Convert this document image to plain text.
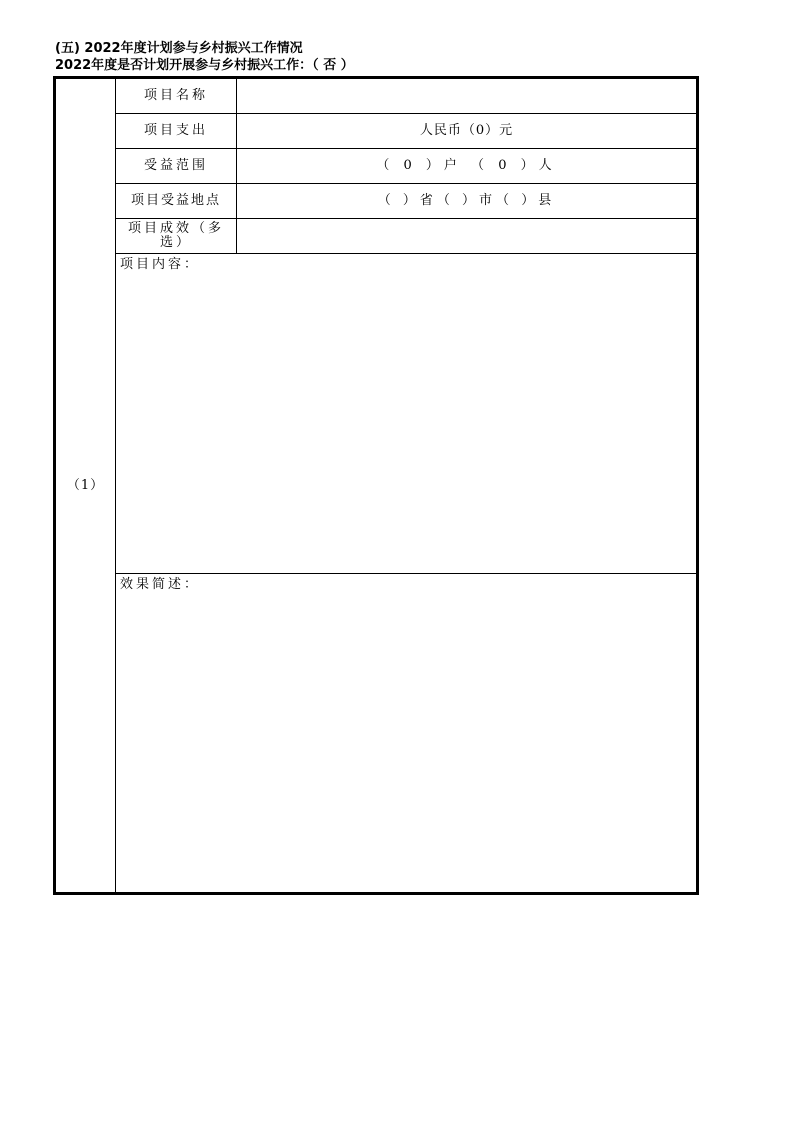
(五) 2022年度计划参与乡村振兴工作情况
2022年度是否计划开展参与乡村振兴工作：（ 否 ）
（1）
项目名称
项目支出	人民币（0）元
受益范围	（ 0 ）户 （ 0 ）人
项目受益地点	（ ）省（ ）市（ ）县
项目成效（多
选）
项目内容：
效果简述：
